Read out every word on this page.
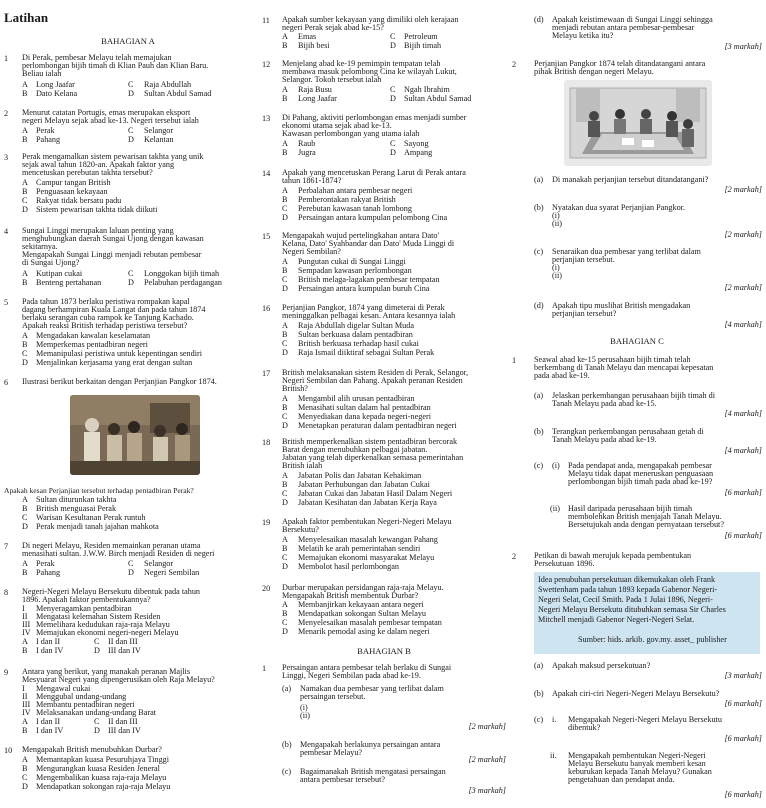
Latihan
BAHAGIAN A
1 Di Perak, pembesar Melayu telah memajukan
perlombongan bijih timah di Klian Pauh dan Klian Baru.
Beliau ialah
A Long Jaafar	C Raja Abdullah
B Dato Kelana	D Sultan Abdul Samad
2 Menurut catatan Portugis, emas merupakan eksport
negeri Melayu sejak abad ke-13. Negeri tersebut ialah
A Perak	C Selangor
B Pahang	D Kelantan
3 Perak mengamalkan sistem pewarisan takhta yang unik
sejak awal tahun 1820-an. Apakah faktor yang
mencetuskan perebutan takhta tersebut?
A Campur tangan British
B Penguasaan kekayaan
C Rakyat tidak bersatu padu
D Sistem pewarisan takhta tidak diikuti
4 Sungai Linggi merupakan laluan penting yang
menghubungkan daerah Sungai Ujong dengan kawasan
sekitarnya.
Mengapakah Sungai Linggi menjadi rebutan pembesar
di Sungai Ujong?
A Kutipan cukai	C Longgokan bijih timah
B Benteng pertahanan	D Pelabuhan perdagangan
5 Pada tahun 1873 berlaku peristiwa rompakan kapal
dagang berhampiran Kuala Langat dan pada tahun 1874
berlaku serangan cuba rampok ke Tanjung Kachado.
Apakah reaksi British terhadap peristiwa tersebut?
A Mengadakan kawalan keselamatan
B Memperkemas pentadbiran negeri
C Memanipulasi peristiwa untuk kepentingan sendiri
D Menjalinkan kerjasama yang erat dengan sultan
6 Ilustrasi berikut berkaitan dengan Perjanjian Pangkor 1874.
Apakah kesan Perjanjian tersebut terhadap pentadbiran Perak?
A Sultan diturunkan takhta
B British menguasai Perak
C Warisan Kesultanan Perak runtuh
D Perak menjadi tanah jajahan mahkota
7 Di negeri Melayu, Residen memainkan peranan utama
menasihati sultan. J.W.W. Birch menjadi Residen di negeri
A Perak	C Selangor
B Pahang	D Negeri Sembilan
8 Negeri-Negeri Melayu Bersekutu dibentuk pada tahun
1896. Apakah faktor pembentukannya?
I Menyeragamkan pentadbiran
II Mengatasi kelemahan Sistem Residen
III Memelihara kedudukan raja-raja Melayu
IV Memajukan ekonomi negeri-negeri Melayu
A I dan II	C II dan III
B I dan IV	D III dan IV
9 Antara yang berikut, yang manakah peranan Majlis
Mesyuarat Negeri yang dipengerusikan oleh Raja Melayu?
I Mengawal cukai
II Menggubal undang-undang
III Membantu pentadbiran negeri
IV Melaksanakan undang-undang Barat
A I dan II	C II dan III
B I dan IV	D III dan IV
10 Mengapakah British menubuhkan Durbar?
A Memantapkan kuasa Pesuruhjaya Tinggi
B Mengurangkan kuasa Residen Jeneral
C Mengembalikan kuasa raja-raja Melayu
D Mendapatkan sokongan raja-raja Melayu
11 Apakah sumber kekayaan yang dimiliki oleh kerajaan
negeri Perak sejak abad ke-15?
A Emas	C Petroleum
B Bijih besi	D Bijih timah
12 Menjelang abad ke-19 pemimpin tempatan telah
membawa masuk pelombong Cina ke wilayah Lukut,
Selangor. Tokoh tersebut ialah
A Raja Busu	C Ngah Ibrahim
B Long Jaafar	D Sultan Abdul Samad
13 Di Pahang, aktiviti perlombongan emas menjadi sumber
ekonomi utama sejak abad ke-13.
Kawasan perlombongan yang utama ialah
A Raub	C Sayong
B Jugra	D Ampang
14 Apakah yang mencetuskan Perang Larut di Perak antara
tahun 1861-1874?
A Perbalahan antara pembesar negeri
B Pemberontakan rakyat British
C Perebutan kawasan tanah lombong
D Persaingan antara kumpulan pelombong Cina
15 Mengapakah wujud pertelingkahan antara Dato'
Kelana, Dato' Syahbandar dan Dato' Muda Linggi di
Negeri Sembilan?
A Pungutan cukai di Sungai Linggi
B Sempadan kawasan perlombongan
C British melaga-lagakan pembesar tempatan
D Persaingan antara kumpulan buruh Cina
16 Perjanjian Pangkor, 1874 yang dimeterai di Perak
meninggalkan pelbagai kesan. Antara kesannya ialah
A Raja Abdullah digelar Sultan Muda
B Sultan berkuasa dalam pentadbiran
C British berkuasa terhadap hasil cukai
D Raja Ismail diiktiraf sebagai Sultan Perak
17 British melaksanakan sistem Residen di Perak, Selangor,
Negeri Sembilan dan Pahang. Apakah peranan Residen
British?
A Mengambil alih urusan pentadbiran
B Menasihati sultan dalam hal pentadbiran
C Menyediakan dana kepada negeri-negeri
D Menetapkan peraturan dalam pentadbiran negeri
18 British memperkenalkan sistem pentadbiran bercorak
Barat dengan menubuhkan pelbagai jabatan.
Jabatan yang telah diperkenalkan semasa pemerintahan
British ialah
A Jabatan Polis dan Jabatan Kehakiman
B Jabatan Perhubungan dan Jabatan Cukai
C Jabatan Cukai dan Jabatan Hasil Dalam Negeri
D Jabatan Kesihatan dan Jabatan Kerja Raya
19 Apakah faktor pembentukan Negeri-Negeri Melayu
Bersekutu?
A Menyelesaikan masalah kewangan Pahang
B Melatih ke arah pemerintahan sendiri
C Memajukan ekonomi masyarakat Melayu
D Membolot hasil perlombongan
20 Durbar merupakan persidangan raja-raja Melayu.
Mengapakah British membentuk Durbar?
A Membanjirkan kekayaan antara negeri
B Mendapatkan sokongan Sultan Melayu
C Menyelesaikan masalah pembesar tempatan
D Menarik pemodal asing ke dalam negeri
BAHAGIAN B
1 Persaingan antara pembesar telah berlaku di Sungai
Linggi, Negeri Sembilan pada abad ke-19.
(a) Namakan dua pembesar yang terlibat dalam
persaingan tersebut.
(i)
(ii)
[2 markah]
(b) Mengapakah berlakunya persaingan antara
pembesar Melayu?
[2 markah]
(c) Bagaimanakah British mengatasi persaingan
antara pembesar tersebut?
[3 markah]
(d) Apakah keistimewaan di Sungai Linggi sehingga
menjadi rebutan antara pembesar-pembesar
Melayu ketika itu?
[3 markah]
2 Perjanjian Pangkor 1874 telah ditandatangani antara
pihak British dengan negeri Melayu.
(a) Di manakah perjanjian tersebut ditandatangani?
[2 markah]
(b) Nyatakan dua syarat Perjanjian Pangkor.
(i)
(ii)
[2 markah]
(c) Senaraikan dua pembesar yang terlibat dalam
perjanjian tersebut.
(i)
(ii)
[2 markah]
(d) Apakah tipu muslihat British mengadakan
perjanjian tersebut?
[4 markah]
BAHAGIAN C
1 Seawal abad ke-15 perusahaan bijih timah telah
berkembang di Tanah Melayu dan mencapai kepesatan
pada abad ke-19.
(a) Jelaskan perkembangan perusahaan bijih timah di
Tanah Melayu pada abad ke-15.
[4 markah]
(b) Terangkan perkembangan perusahaan getah di
Tanah Melayu pada abad ke-19.
[4 markah]
(c) (i) Pada pendapat anda, mengapakah pembesar
Melayu tidak dapat meneruskan penguasaan
perlombongan bijih timah pada abad ke-19?
[6 markah]
(ii) Hasil daripada perusahaan bijih timah
membolehkan British menjajah Tanah Melayu.
Bersetujukah anda dengan pernyataan tersebut?
[6 markah]
2 Petikan di bawah merujuk kepada pembentukan
Persekutuan 1896.
Idea penubuhan persekutuan dikemukakan oleh Frank
Swettenham pada tahun 1893 kepada Gabenor Negeri-
Negeri Selat, Cecil Smith. Pada 1 Julai 1896, Negeri-
Negeri Melayu Bersekutu ditubuhkan semasa Sir Charles
Mitchell menjadi Gabenor Negeri-Negeri Selat.
Sumber: hids. arkib. gov.my. asset_ publisher
(a) Apakah maksud persekutuan?
[3 markah]
(b) Apakah ciri-ciri Negeri-Negeri Melayu Bersekutu?
[6 markah]
(c) i. Mengapakah Negeri-Negeri Melayu Bersekutu
dibentuk?
[6 markah]
ii. Mengapakah pembentukan Negeri-Negeri
Melayu Bersekutu banyak memberi kesan
keburukan kepada Tanah Melayu? Gunakan
pengetahuan dan pendapat anda.
[6 markah]
